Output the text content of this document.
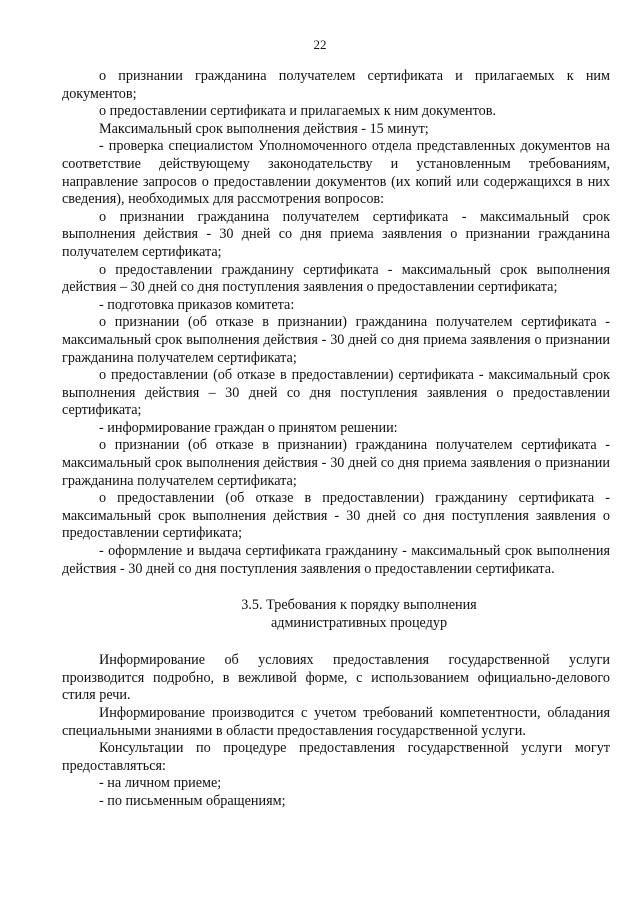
22

о признании гражданина получателем сертификата и прилагаемых к ним документов;

о предоставлении сертификата и прилагаемых к ним документов.

Максимальный срок выполнения действия - 15 минут;

- проверка специалистом Уполномоченного отдела представленных документов на соответствие действующему законодательству и установленным требованиям, направление запросов о предоставлении документов (их копий или содержащихся в них сведения), необходимых для рассмотрения вопросов:

о признании гражданина получателем сертификата - максимальный срок выполнения действия - 30 дней со дня приема заявления о признании гражданина получателем сертификата;

о предоставлении гражданину сертификата - максимальный срок выполнения действия – 30 дней со дня поступления заявления о предоставлении сертификата;

- подготовка приказов комитета:

о признании (об отказе в признании) гражданина получателем сертификата - максимальный срок выполнения действия - 30 дней со дня приема заявления о признании гражданина получателем сертификата;

о предоставлении (об отказе в предоставлении) сертификата - максимальный срок выполнения действия – 30 дней со дня поступления заявления о предоставлении сертификата;

- информирование граждан о принятом решении:

о признании (об отказе в признании) гражданина получателем сертификата - максимальный срок выполнения действия - 30 дней со дня приема заявления о признании гражданина получателем сертификата;

о предоставлении (об отказе в предоставлении) гражданину сертификата - максимальный срок выполнения действия - 30 дней со дня поступления заявления о предоставлении сертификата;

- оформление и выдача сертификата гражданину - максимальный срок выполнения действия - 30 дней со дня поступления заявления о предоставлении сертификата.

3.5. Требования к порядку выполнения
административных процедур

Информирование об условиях предоставления государственной услуги производится подробно, в вежливой форме, с использованием официально-делового стиля речи.

Информирование производится с учетом требований компетентности, обладания специальными знаниями в области предоставления государственной услуги.

Консультации по процедуре предоставления государственной услуги могут предоставляться:

- на личном приеме;

- по письменным обращениям;
